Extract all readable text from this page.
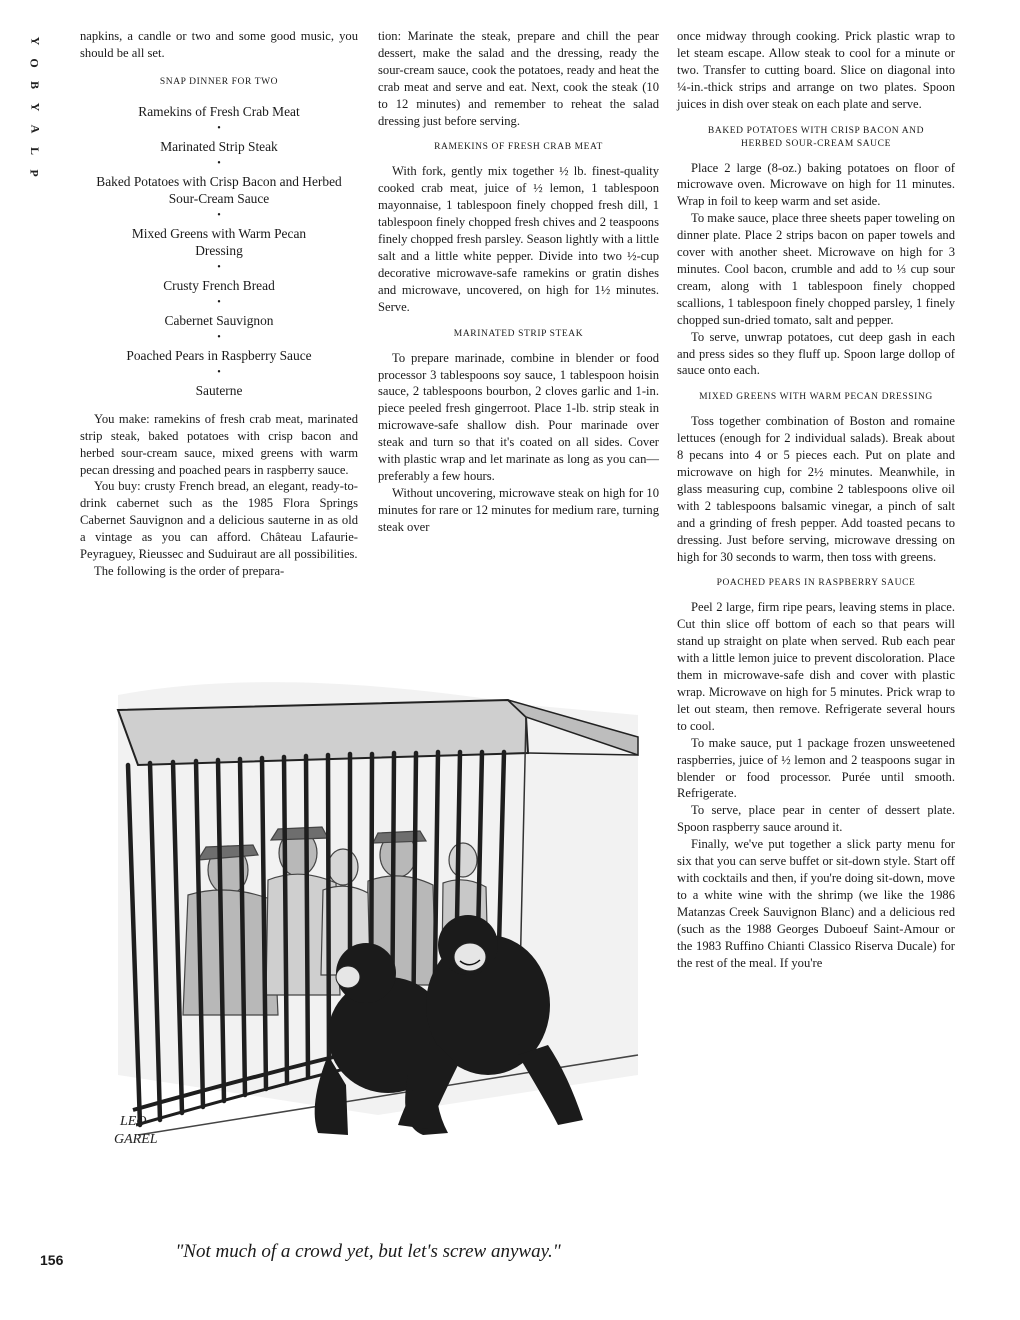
Y
O
B
Y
A
L
P

napkins, a candle or two and some good music, you should be all set.

SNAP DINNER FOR TWO
Ramekins of Fresh Crab Meat
•
Marinated Strip Steak
•
Baked Potatoes with Crisp Bacon and Herbed Sour-Cream Sauce
•
Mixed Greens with Warm Pecan Dressing
•
Crusty French Bread
•
Cabernet Sauvignon
•
Poached Pears in Raspberry Sauce
•
Sauterne

You make: ramekins of fresh crab meat, marinated strip steak, baked potatoes with crisp bacon and herbed sour-cream sauce, mixed greens with warm pecan dressing and poached pears in raspberry sauce.

You buy: crusty French bread, an elegant, ready-to-drink cabernet such as the 1985 Flora Springs Cabernet Sauvignon and a delicious sauterne in as old a vintage as you can afford. Château Lafaurie-Peyraguey, Rieussec and Suduiraut are all possibilities.

The following is the order of prepara-

tion: Marinate the steak, prepare and chill the pear dessert, make the salad and the dressing, ready the sour-cream sauce, cook the potatoes, ready and heat the crab meat and serve and eat. Next, cook the steak (10 to 12 minutes) and remember to reheat the salad dressing just before serving.

RAMEKINS OF FRESH CRAB MEAT

With fork, gently mix together ½ lb. finest-quality cooked crab meat, juice of ½ lemon, 1 tablespoon mayonnaise, 1 tablespoon finely chopped fresh dill, 1 tablespoon finely chopped fresh chives and 2 teaspoons finely chopped fresh parsley. Season lightly with a little salt and a little white pepper. Divide into two ½-cup decorative microwave-safe ramekins or gratin dishes and microwave, uncovered, on high for 1½ minutes. Serve.

MARINATED STRIP STEAK

To prepare marinade, combine in blender or food processor 3 tablespoons soy sauce, 1 tablespoon hoisin sauce, 2 tablespoons bourbon, 2 cloves garlic and 1-in. piece peeled fresh gingerroot. Place 1-lb. strip steak in microwave-safe shallow dish. Pour marinade over steak and turn so that it's coated on all sides. Cover with plastic wrap and let marinate as long as you can—preferably a few hours.

Without uncovering, microwave steak on high for 10 minutes for rare or 12 minutes for medium rare, turning steak over

once midway through cooking. Prick plastic wrap to let steam escape. Allow steak to cool for a minute or two. Transfer to cutting board. Slice on diagonal into ¼-in.-thick strips and arrange on two plates. Spoon juices in dish over steak on each plate and serve.

BAKED POTATOES WITH CRISP BACON AND HERBED SOUR-CREAM SAUCE

Place 2 large (8-oz.) baking potatoes on floor of microwave oven. Microwave on high for 11 minutes. Wrap in foil to keep warm and set aside.

To make sauce, place three sheets paper toweling on dinner plate. Place 2 strips bacon on paper towels and cover with another sheet. Microwave on high for 3 minutes. Cool bacon, crumble and add to ⅓ cup sour cream, along with 1 tablespoon finely chopped scallions, 1 tablespoon finely chopped parsley, 1 finely chopped sun-dried tomato, salt and pepper.

To serve, unwrap potatoes, cut deep gash in each and press sides so they fluff up. Spoon large dollop of sauce onto each.

MIXED GREENS WITH WARM PECAN DRESSING

Toss together combination of Boston and romaine lettuces (enough for 2 individual salads). Break about 8 pecans into 4 or 5 pieces each. Put on plate and microwave on high for 2½ minutes. Meanwhile, in glass measuring cup, combine 2 tablespoons olive oil with 2 tablespoons balsamic vinegar, a pinch of salt and a grinding of fresh pepper. Add toasted pecans to dressing. Just before serving, microwave dressing on high for 30 seconds to warm, then toss with greens.

POACHED PEARS IN RASPBERRY SAUCE

Peel 2 large, firm ripe pears, leaving stems in place. Cut thin slice off bottom of each so that pears will stand up straight on plate when served. Rub each pear with a little lemon juice to prevent discoloration. Place them in microwave-safe dish and cover with plastic wrap. Microwave on high for 5 minutes. Prick wrap to let out steam, then remove. Refrigerate several hours to cool.

To make sauce, put 1 package frozen unsweetened raspberries, juice of ½ lemon and 2 teaspoons sugar in blender or food processor. Purée until smooth. Refrigerate.

To serve, place pear in center of dessert plate. Spoon raspberry sauce around it.

Finally, we've put together a slick party menu for six that you can serve buffet or sit-down style. Start off with cocktails and then, if you're doing sit-down, move to a white wine with the shrimp (we like the 1986 Matanzas Creek Sauvignon Blanc) and a delicious red (such as the 1988 Georges Duboeuf Saint-Amour or the 1983 Ruffino Chianti Classico Riserva Ducale) for the rest of the meal. If you're

LEO
GAREL
"Not much of a crowd yet, but let's screw anyway."
156
